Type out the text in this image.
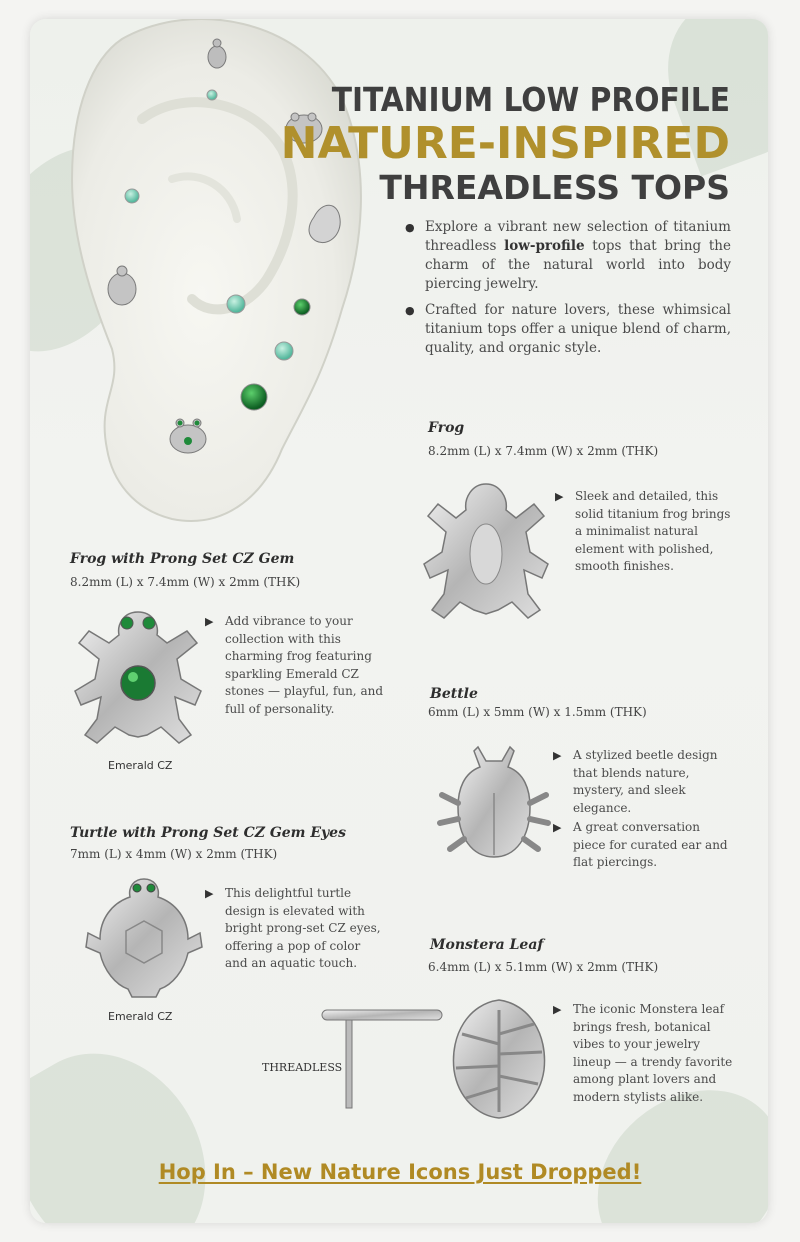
TITANIUM LOW PROFILE
NATURE-INSPIRED
THREADLESS TOPS
● Explore a vibrant new selection of titanium threadless low-profile tops that bring the charm of the natural world into body piercing jewelry.
● Crafted for nature lovers, these whimsical titanium tops offer a unique blend of charm, quality, and organic style.
Frog
8.2mm (L) x 7.4mm (W) x 2mm (THK)
▶ Sleek and detailed, this solid titanium frog brings a minimalist natural element with polished, smooth finishes.
Frog with Prong Set CZ Gem
8.2mm (L) x 7.4mm (W) x 2mm (THK)
▶ Add vibrance to your collection with this charming frog featuring sparkling Emerald CZ stones — playful, fun, and full of personality.
Emerald CZ
Bettle
6mm (L) x 5mm (W) x 1.5mm (THK)
▶ A stylized beetle design that blends nature, mystery, and sleek elegance.
▶ A great conversation piece for curated ear and flat piercings.
Turtle with Prong Set CZ Gem Eyes
7mm (L) x 4mm (W) x 2mm (THK)
▶ This delightful turtle design is elevated with bright prong-set CZ eyes, offering a pop of color and an aquatic touch.
Emerald CZ
Monstera Leaf
6.4mm (L) x 5.1mm (W) x 2mm (THK)
THREADLESS
▶ The iconic Monstera leaf brings fresh, botanical vibes to your jewelry lineup — a trendy favorite among plant lovers and modern stylists alike.
Hop In – New Nature Icons Just Dropped!
